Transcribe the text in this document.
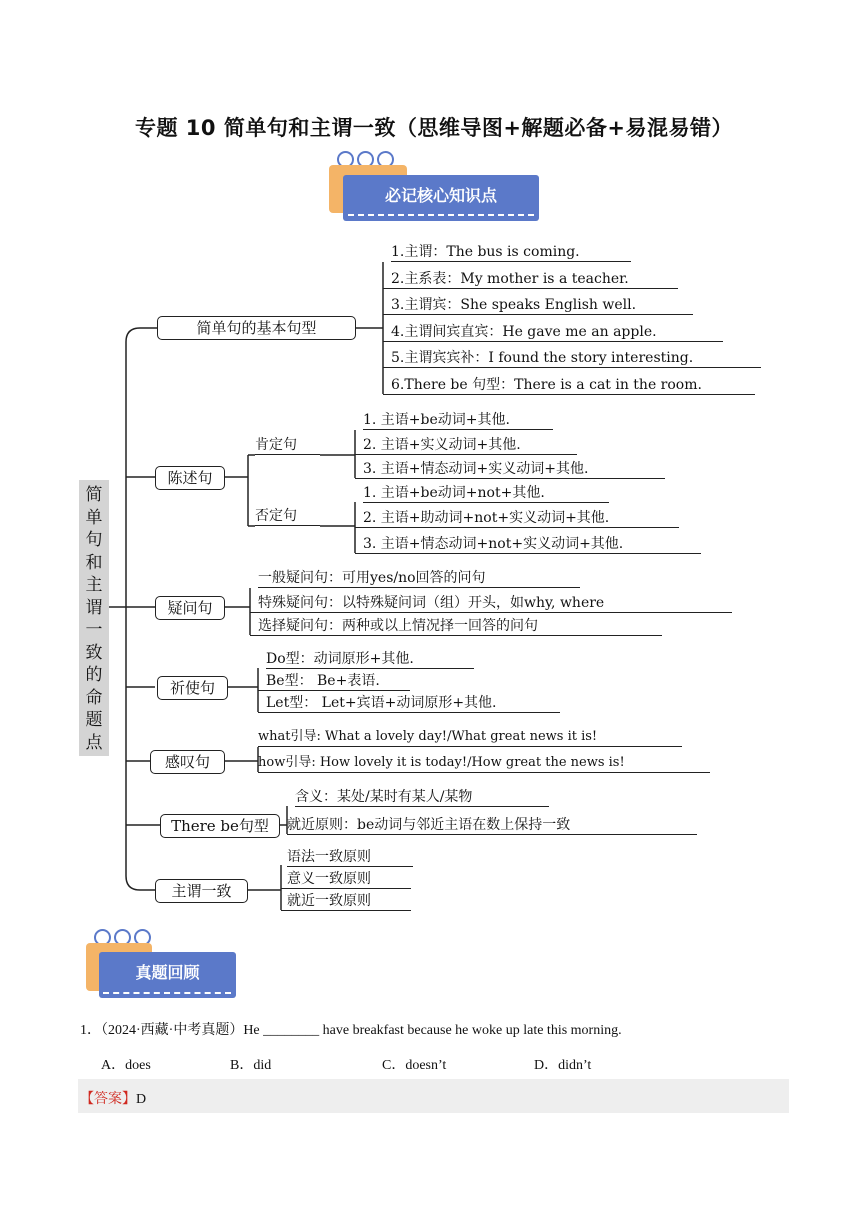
专题 10 简单句和主谓一致（思维导图+解题必备+易混易错）
必记核心知识点
简
单
句
和
主
谓
一
致
的
命
题
点
简单句的基本句型
1.主谓：The bus is coming.
2.主系表：My mother is a teacher.
3.主谓宾：She speaks English well.
4.主谓间宾直宾：He gave me an apple.
5.主谓宾宾补：I found the story interesting.
6.There be 句型：There is a cat in the room.
陈述句
肯定句
否定句
1. 主语+be动词+其他.
2. 主语+实义动词+其他.
3. 主语+情态动词+实义动词+其他.
1. 主语+be动词+not+其他.
2. 主语+助动词+not+实义动词+其他.
3. 主语+情态动词+not+实义动词+其他.
疑问句
一般疑问句：可用yes/no回答的问句
特殊疑问句：以特殊疑问词（组）开头，如why, where
选择疑问句：两种或以上情况择一回答的问句
祈使句
Do型：动词原形+其他.
Be型： Be+表语.
Let型： Let+宾语+动词原形+其他.
感叹句
what引导: What a lovely day!/What great news it is!
how引导: How lovely it is today!/How great the news is!
There be句型
含义：某处/某时有某人/某物
就近原则：be动词与邻近主语在数上保持一致
主谓一致
语法一致原则
意义一致原则
就近一致原则
真题回顾
1．（2024·西藏·中考真题）He ________ have breakfast because he woke up late this morning.
A．does	B．did	C．doesn’t	D．didn’t
【答案】D
